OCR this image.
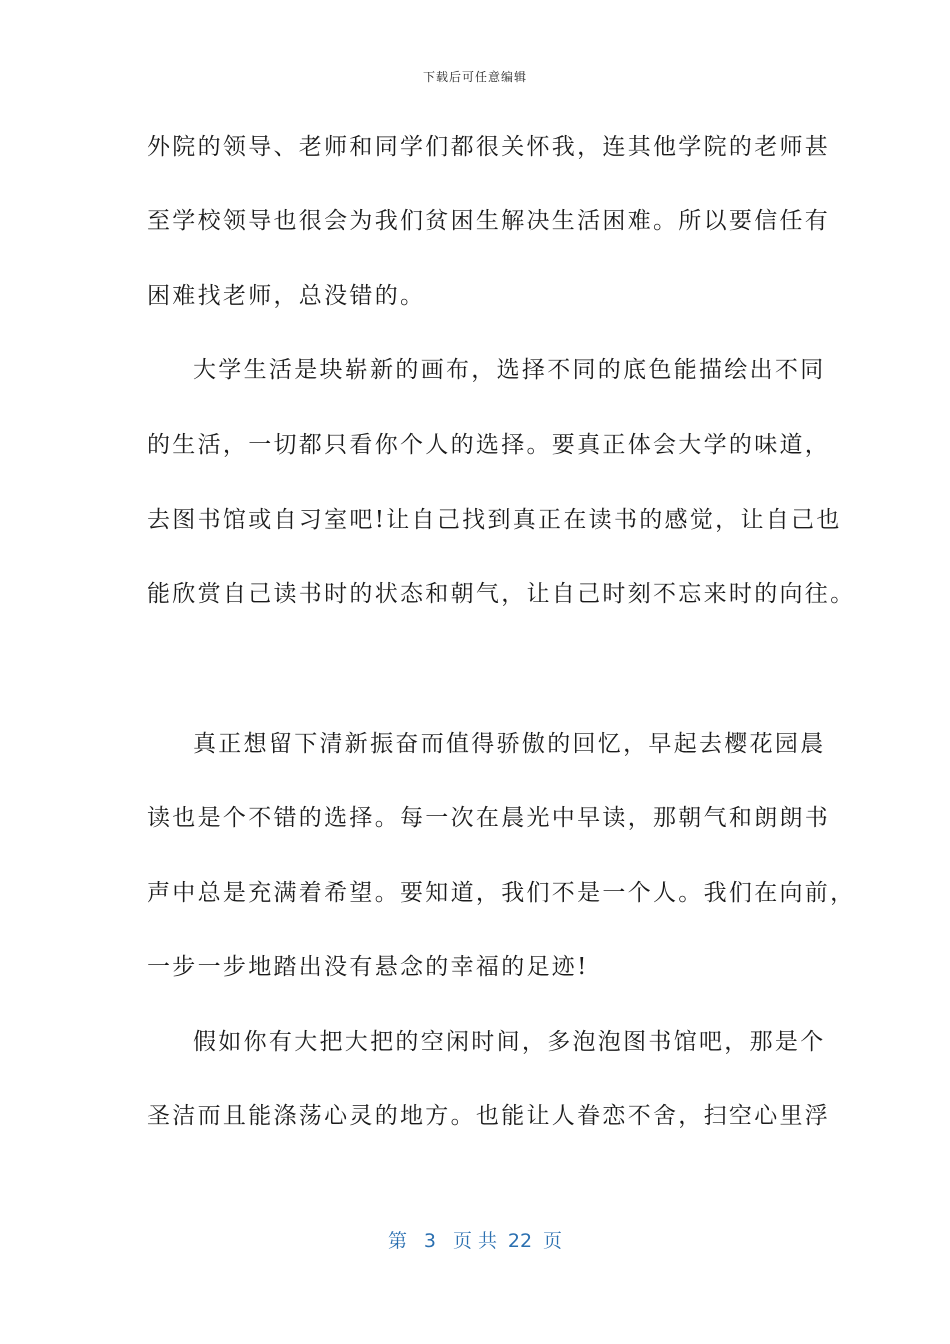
下载后可任意编辑
外院的领导、老师和同学们都很关怀我，连其他学院的老师甚
至学校领导也很会为我们贫困生解决生活困难。所以要信任有
困难找老师，总没错的。
大学生活是块崭新的画布，选择不同的底色能描绘出不同
的生活，一切都只看你个人的选择。要真正体会大学的味道，
去图书馆或自习室吧!让自己找到真正在读书的感觉，让自己也
能欣赏自己读书时的状态和朝气，让自己时刻不忘来时的向往。
真正想留下清新振奋而值得骄傲的回忆，早起去樱花园晨
读也是个不错的选择。每一次在晨光中早读，那朝气和朗朗书
声中总是充满着希望。要知道，我们不是一个人。我们在向前，
一步一步地踏出没有悬念的幸福的足迹!
假如你有大把大把的空闲时间，多泡泡图书馆吧，那是个
圣洁而且能涤荡心灵的地方。也能让人眷恋不舍，扫空心里浮
第 3 页 共 22 页
